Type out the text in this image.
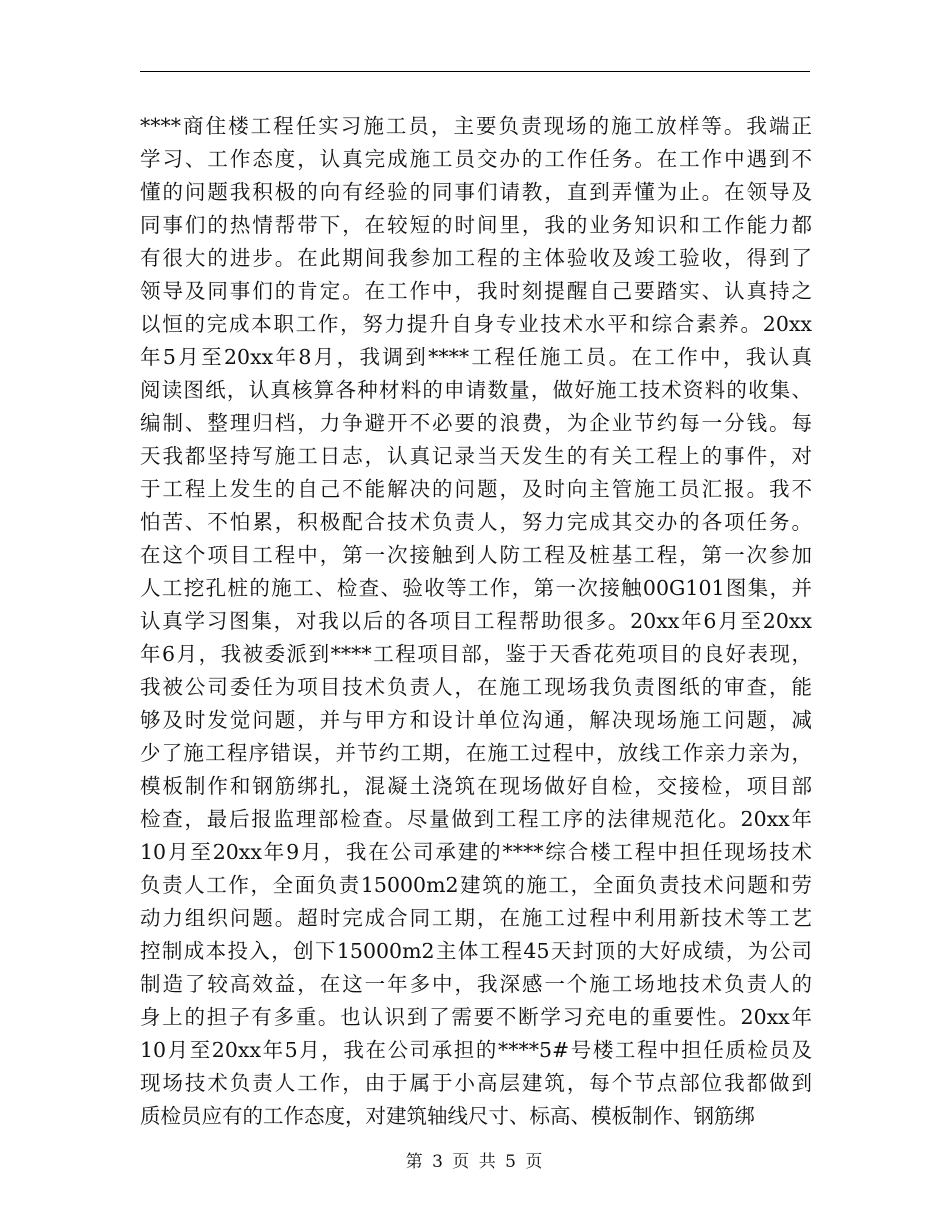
****商住楼工程任实习施工员，主要负责现场的施工放样等。我端正
学习、工作态度，认真完成施工员交办的工作任务。在工作中遇到不
懂的问题我积极的向有经验的同事们请教，直到弄懂为止。在领导及
同事们的热情帮带下，在较短的时间里，我的业务知识和工作能力都
有很大的进步。在此期间我参加工程的主体验收及竣工验收，得到了
领导及同事们的肯定。在工作中，我时刻提醒自己要踏实、认真持之
以恒的完成本职工作，努力提升自身专业技术水平和综合素养。20xx
年5月至20xx年8月，我调到****工程任施工员。在工作中，我认真
阅读图纸，认真核算各种材料的申请数量，做好施工技术资料的收集、
编制、整理归档，力争避开不必要的浪费，为企业节约每一分钱。每
天我都坚持写施工日志，认真记录当天发生的有关工程上的事件，对
于工程上发生的自己不能解决的问题，及时向主管施工员汇报。我不
怕苦、不怕累，积极配合技术负责人，努力完成其交办的各项任务。
在这个项目工程中，第一次接触到人防工程及桩基工程，第一次参加
人工挖孔桩的施工、检查、验收等工作，第一次接触00G101图集，并
认真学习图集，对我以后的各项目工程帮助很多。20xx年6月至20xx
年6月，我被委派到****工程项目部，鉴于天香花苑项目的良好表现，
我被公司委任为项目技术负责人，在施工现场我负责图纸的审查，能
够及时发觉问题，并与甲方和设计单位沟通，解决现场施工问题，减
少了施工程序错误，并节约工期，在施工过程中，放线工作亲力亲为，
模板制作和钢筋绑扎，混凝土浇筑在现场做好自检，交接检，项目部
检查，最后报监理部检查。尽量做到工程工序的法律规范化。20xx年
10月至20xx年9月，我在公司承建的****综合楼工程中担任现场技术
负责人工作，全面负责15000m2建筑的施工，全面负责技术问题和劳
动力组织问题。超时完成合同工期，在施工过程中利用新技术等工艺
控制成本投入，创下15000m2主体工程45天封顶的大好成绩，为公司
制造了较高效益，在这一年多中，我深感一个施工场地技术负责人的
身上的担子有多重。也认识到了需要不断学习充电的重要性。20xx年
10月至20xx年5月，我在公司承担的****5#号楼工程中担任质检员及
现场技术负责人工作，由于属于小高层建筑，每个节点部位我都做到
质检员应有的工作态度，对建筑轴线尺寸、标高、模板制作、钢筋绑
第 3 页 共 5 页
